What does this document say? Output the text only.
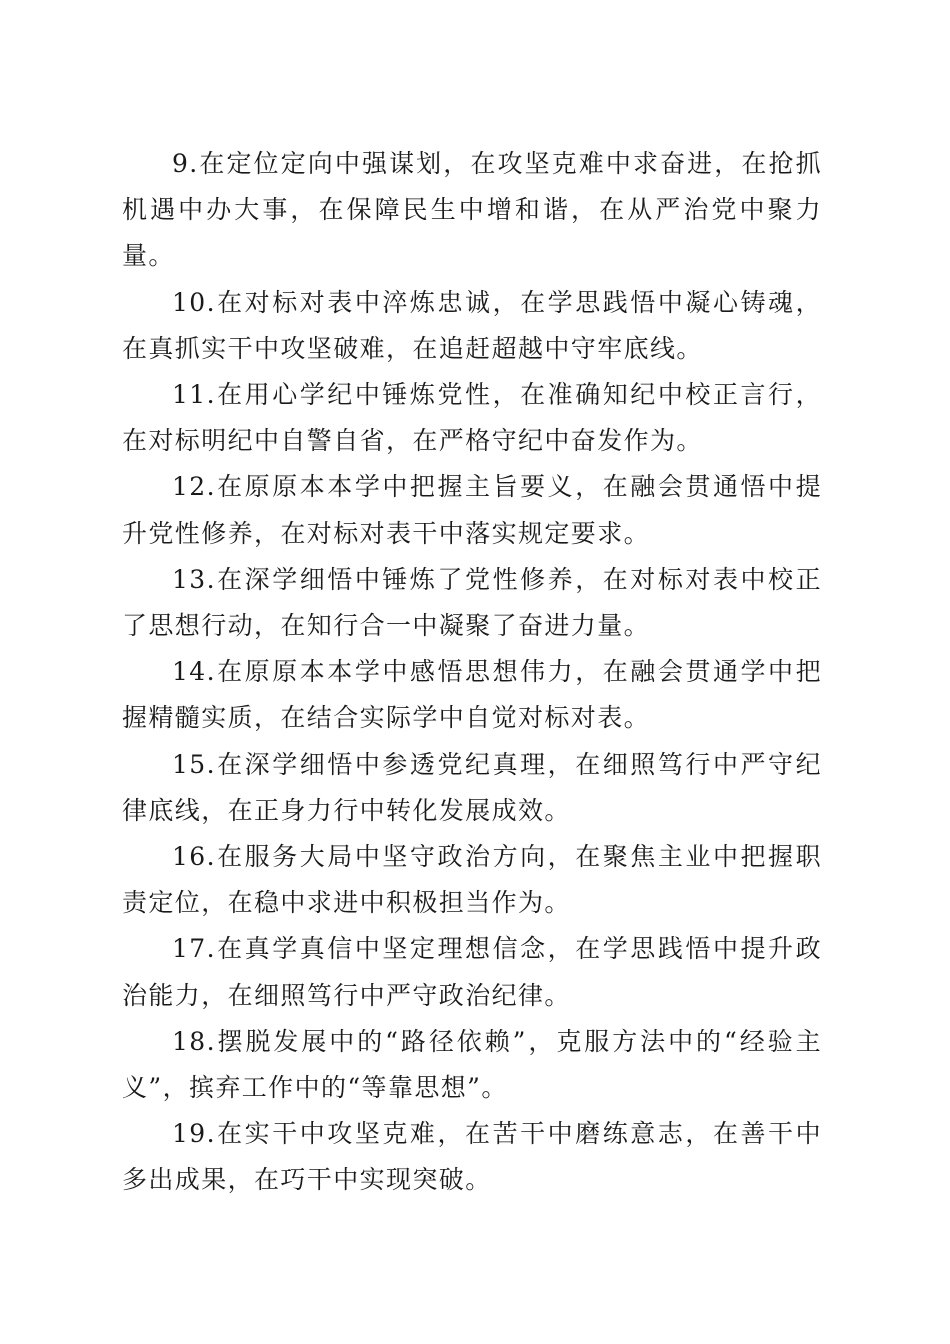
9.在定位定向中强谋划，在攻坚克难中求奋进，在抢抓机遇中办大事，在保障民生中增和谐，在从严治党中聚力量。

10.在对标对表中淬炼忠诚，在学思践悟中凝心铸魂，在真抓实干中攻坚破难，在追赶超越中守牢底线。

11.在用心学纪中锤炼党性，在准确知纪中校正言行，在对标明纪中自警自省，在严格守纪中奋发作为。

12.在原原本本学中把握主旨要义，在融会贯通悟中提升党性修养，在对标对表干中落实规定要求。

13.在深学细悟中锤炼了党性修养，在对标对表中校正了思想行动，在知行合一中凝聚了奋进力量。

14.在原原本本学中感悟思想伟力，在融会贯通学中把握精髓实质，在结合实际学中自觉对标对表。

15.在深学细悟中参透党纪真理，在细照笃行中严守纪律底线，在正身力行中转化发展成效。

16.在服务大局中坚守政治方向，在聚焦主业中把握职责定位，在稳中求进中积极担当作为。

17.在真学真信中坚定理想信念，在学思践悟中提升政治能力，在细照笃行中严守政治纪律。

18.摆脱发展中的“路径依赖”，克服方法中的“经验主义”，摈弃工作中的“等靠思想”。

19.在实干中攻坚克难，在苦干中磨练意志，在善干中多出成果，在巧干中实现突破。
